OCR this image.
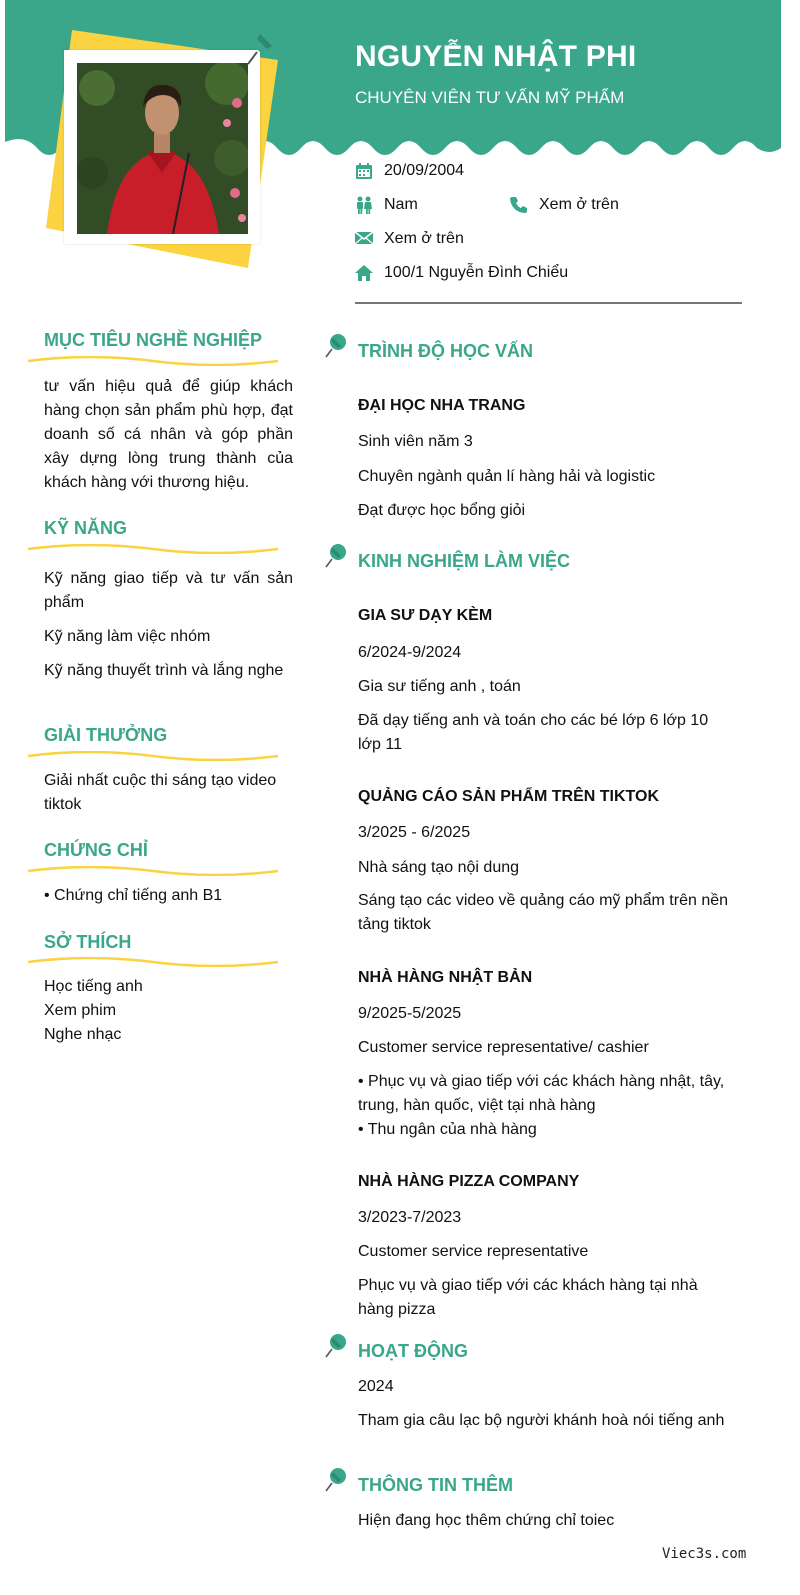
NGUYỄN NHẬT PHI

CHUYÊN VIÊN TƯ VẤN MỸ PHẨM

20/09/2004
Nam	Xem ở trên
Xem ở trên
100/1 Nguyễn Đình Chiểu
MỤC TIÊU NGHỀ NGHIỆP

tư vấn hiệu quả để giúp khách hàng chọn sản phẩm phù hợp, đạt doanh số cá nhân và góp phần xây dựng lòng trung thành của khách hàng với thương hiệu.

KỸ NĂNG

Kỹ năng giao tiếp và tư vấn sản phẩm

Kỹ năng làm việc nhóm

Kỹ năng thuyết trình và lắng nghe

GIẢI THƯỞNG

Giải nhất cuộc thi sáng tạo video tiktok

CHỨNG CHỈ

• Chứng chỉ tiếng anh B1

SỞ THÍCH

Học tiếng anh

Xem phim

Nghe nhạc

TRÌNH ĐỘ HỌC VẤN

ĐẠI HỌC NHA TRANG

Sinh viên năm 3

Chuyên ngành quản lí hàng hải và logistic

Đạt được học bổng giỏi

KINH NGHIỆM LÀM VIỆC

GIA SƯ DẠY KÈM

6/2024-9/2024

Gia sư tiếng anh , toán

Đã dạy tiếng anh và toán cho các bé lớp 6 lớp 10 lớp 11

QUẢNG CÁO SẢN PHẨM TRÊN TIKTOK

3/2025 - 6/2025

Nhà sáng tạo nội dung

Sáng tạo các video về quảng cáo mỹ phẩm trên nền tảng tiktok

NHÀ HÀNG NHẬT BẢN

9/2025-5/2025

Customer service representative/ cashier

• Phục vụ và giao tiếp với các khách hàng nhật, tây, trung, hàn quốc, việt tại nhà hàng

• Thu ngân của nhà hàng

NHÀ HÀNG PIZZA COMPANY

3/2023-7/2023

Customer service representative

Phục vụ và giao tiếp với các khách hàng tại nhà hàng pizza

HOẠT ĐỘNG

2024

Tham gia câu lạc bộ người khánh hoà nói tiếng anh

THÔNG TIN THÊM

Hiện đang học thêm chứng chỉ toiec

Viec3s.com
